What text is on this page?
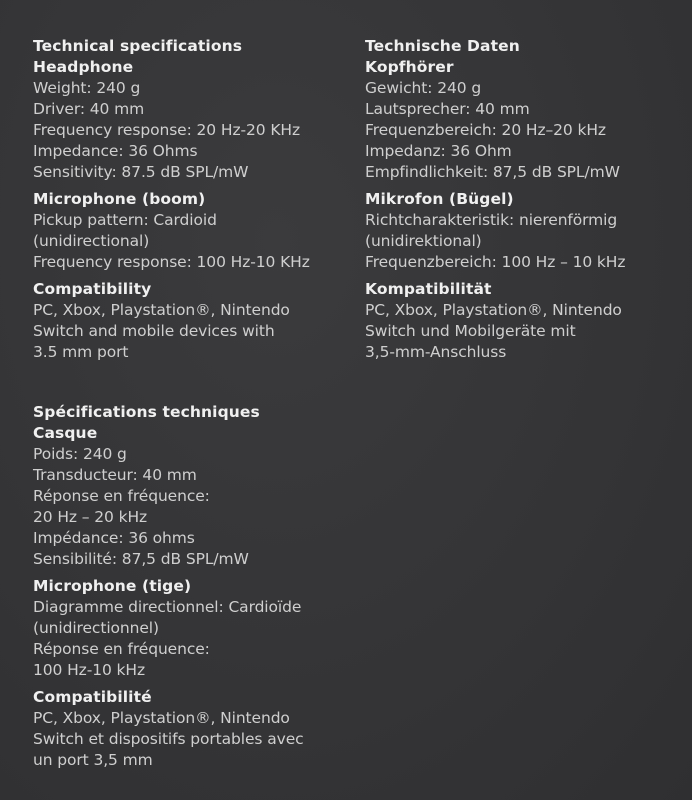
Technical specifications
Headphone
Weight: 240 g
Driver: 40 mm
Frequency response: 20 Hz-20 KHz
Impedance: 36 Ohms
Sensitivity: 87.5 dB SPL/mW
Microphone (boom)
Pickup pattern: Cardioid
(unidirectional)
Frequency response: 100 Hz-10 KHz
Compatibility
PC, Xbox, Playstation®, Nintendo
Switch and mobile devices with
3.5 mm port
Technische Daten
Kopfhörer
Gewicht: 240 g
Lautsprecher: 40 mm
Frequenzbereich: 20 Hz–20 kHz
Impedanz: 36 Ohm
Empfindlichkeit: 87,5 dB SPL/mW
Mikrofon (Bügel)
Richtcharakteristik: nierenförmig
(unidirektional)
Frequenzbereich: 100 Hz – 10 kHz
Kompatibilität
PC, Xbox, Playstation®, Nintendo
Switch und Mobilgeräte mit
3,5-mm-Anschluss
Spécifications techniques
Casque
Poids: 240 g
Transducteur: 40 mm
Réponse en fréquence:
20 Hz – 20 kHz
Impédance: 36 ohms
Sensibilité: 87,5 dB SPL/mW
Microphone (tige)
Diagramme directionnel: Cardioïde
(unidirectionnel)
Réponse en fréquence:
100 Hz-10 kHz
Compatibilité
PC, Xbox, Playstation®, Nintendo
Switch et dispositifs portables avec
un port 3,5 mm
